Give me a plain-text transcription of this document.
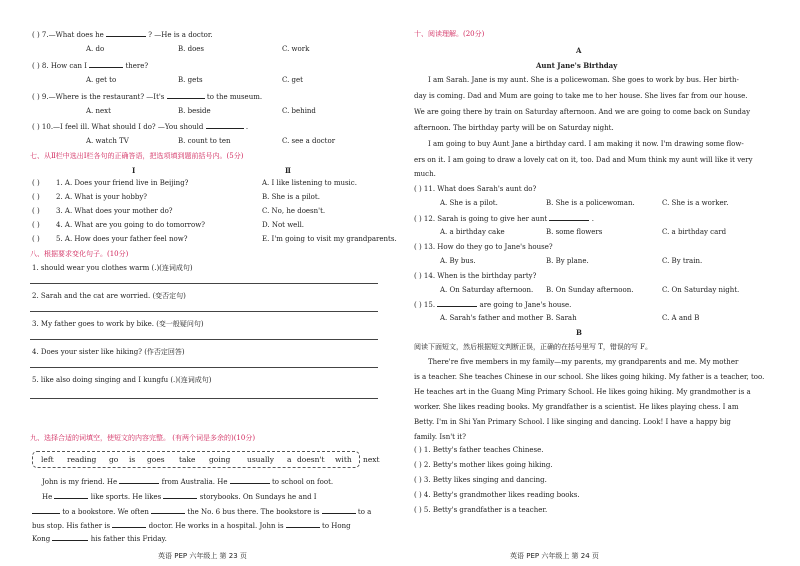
( ) 7.—What does he	? —He is a doctor.
A. do	B. does	C. work
( ) 8. How can I	there?
A. get to	B. gets	C. get
( ) 9.—Where is the restaurant? —It's	to the museum.
A. next	B. beside	C. behind
( ) 10.—I feel ill. What should I do? —You should	.
A. watch TV	B. count to ten	C. see a doctor
七、从Ⅱ栏中选出Ⅰ栏各句的正确答语，把选项填到题前括号内。(5分)
Ⅰ	Ⅱ
( ) 1. A. Does your friend live in Beijing?	A. I like listening to music.
( ) 2. A. What is your hobby?	B. She is a pilot.
( ) 3. A. What does your mother do?	C. No, he doesn't.
( ) 4. A. What are you going to do tomorrow?	D. Not well.
( ) 5. A. How does your father feel now?	E. I'm going to visit my grandparents.
八、根据要求变化句子。(10分)
1. should wear you clothes warm (.)(连词成句)
2. Sarah and the cat are worried. (变否定句)
3. My father goes to work by bike. (变一般疑问句)
4. Does your sister like hiking? (作否定回答)
5. like also doing singing and I kungfu (.)(连词成句)
九、选择合适的词填空，使短文的内容完整。 (有两个词是多余的)(10分)
left reading go is goes take going usually a doesn't with next
John is my friend. He	from Australia. He	to school on foot.
He	like sports. He likes	storybooks. On Sundays he and I
to a bookstore. We often	the No. 6 bus there. The bookstore is	to a
bus stop. His father is	doctor. He works in a hospital. John is	to Hong
Kong	his father this Friday.
英语 PEP 六年级上 第 23 页
十、阅读理解。(20分)
A
Aunt Jane's Birthday
I am Sarah. Jane is my aunt. She is a policewoman. She goes to work by bus. Her birth-
day is coming. Dad and Mum are going to take me to her house. She lives far from our house.
We are going there by train on Saturday afternoon. And we are going to come back on Sunday
afternoon. The birthday party will be on Saturday night.
I am going to buy Aunt Jane a birthday card. I am making it now. I'm drawing some flow-
ers on it. I am going to draw a lovely cat on it, too. Dad and Mum think my aunt will like it very
much.
( ) 11. What does Sarah's aunt do?
A. She is a pilot.	B. She is a policewoman.	C. She is a worker.
( ) 12. Sarah is going to give her aunt	.
A. a birthday cake	B. some flowers	C. a birthday card
( ) 13. How do they go to Jane's house?
A. By bus.	B. By plane.	C. By train.
( ) 14. When is the birthday party?
A. On Saturday afternoon. B. On Sunday afternoon.	C. On Saturday night.
( ) 15.	are going to Jane's house.
A. Sarah's father and mother B. Sarah	C. A and B
B
阅读下面短文，然后根据短文判断正误，正确的在括号里写 T，错误的写 F。
There're five members in my family—my parents, my grandparents and me. My mother
is a teacher. She teaches Chinese in our school. She likes going hiking. My father is a teacher, too.
He teaches art in the Guang Ming Primary School. He likes going hiking. My grandmother is a
worker. She likes reading books. My grandfather is a scientist. He likes playing chess. I am
Betty. I'm in Shi Yan Primary School. I like singing and dancing. Look! I have a happy big
family. Isn't it?
( ) 1. Betty's father teaches Chinese.
( ) 2. Betty's mother likes going hiking.
( ) 3. Betty likes singing and dancing.
( ) 4. Betty's grandmother likes reading books.
( ) 5. Betty's grandfather is a teacher.
英语 PEP 六年级上 第 24 页
